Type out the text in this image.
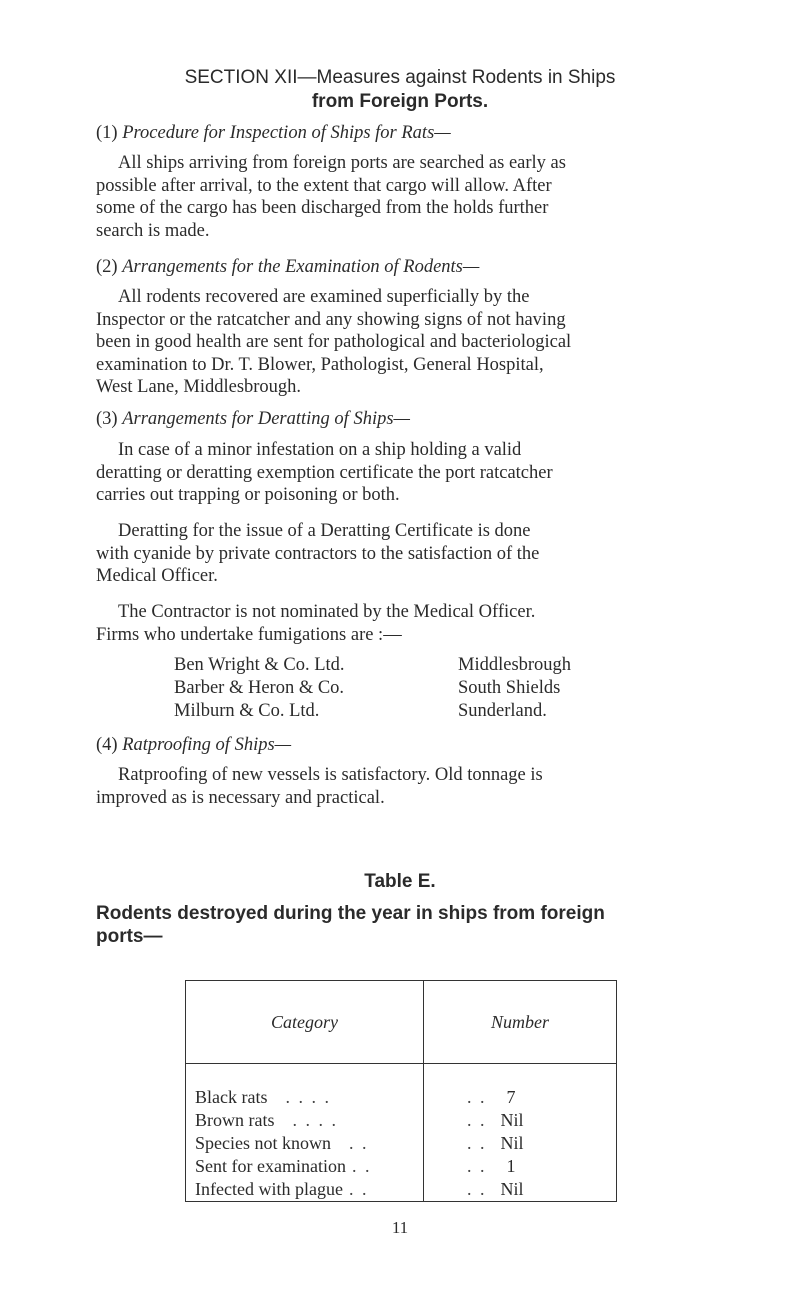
SECTION XII—Measures against Rodents in Ships
from Foreign Ports.
(1) Procedure for Inspection of Ships for Rats—
All ships arriving from foreign ports are searched as early as
possible after arrival, to the extent that cargo will allow. After
some of the cargo has been discharged from the holds further
search is made.
(2) Arrangements for the Examination of Rodents—
All rodents recovered are examined superficially by the
Inspector or the ratcatcher and any showing signs of not having
been in good health are sent for pathological and bacteriological
examination to Dr. T. Blower, Pathologist, General Hospital,
West Lane, Middlesbrough.
(3) Arrangements for Deratting of Ships—
In case of a minor infestation on a ship holding a valid
deratting or deratting exemption certificate the port ratcatcher
carries out trapping or poisoning or both.
Deratting for the issue of a Deratting Certificate is done
with cyanide by private contractors to the satisfaction of the
Medical Officer.
The Contractor is not nominated by the Medical Officer.
Firms who undertake fumigations are :—
Ben Wright & Co. Ltd.	Middlesbrough
Barber & Heron & Co.	South Shields
Milburn & Co. Ltd.	Sunderland.
(4) Ratproofing of Ships—
Ratproofing of new vessels is satisfactory. Old tonnage is
improved as is necessary and practical.
Table E.
Rodents destroyed during the year in ships from foreign
ports—
Category	Number

Black rats . . . .	. . 7
Brown rats . . . .	. . Nil
Species not known . .	. . Nil
Sent for examination . .	. . 1
Infected with plague . .	. . Nil
11
